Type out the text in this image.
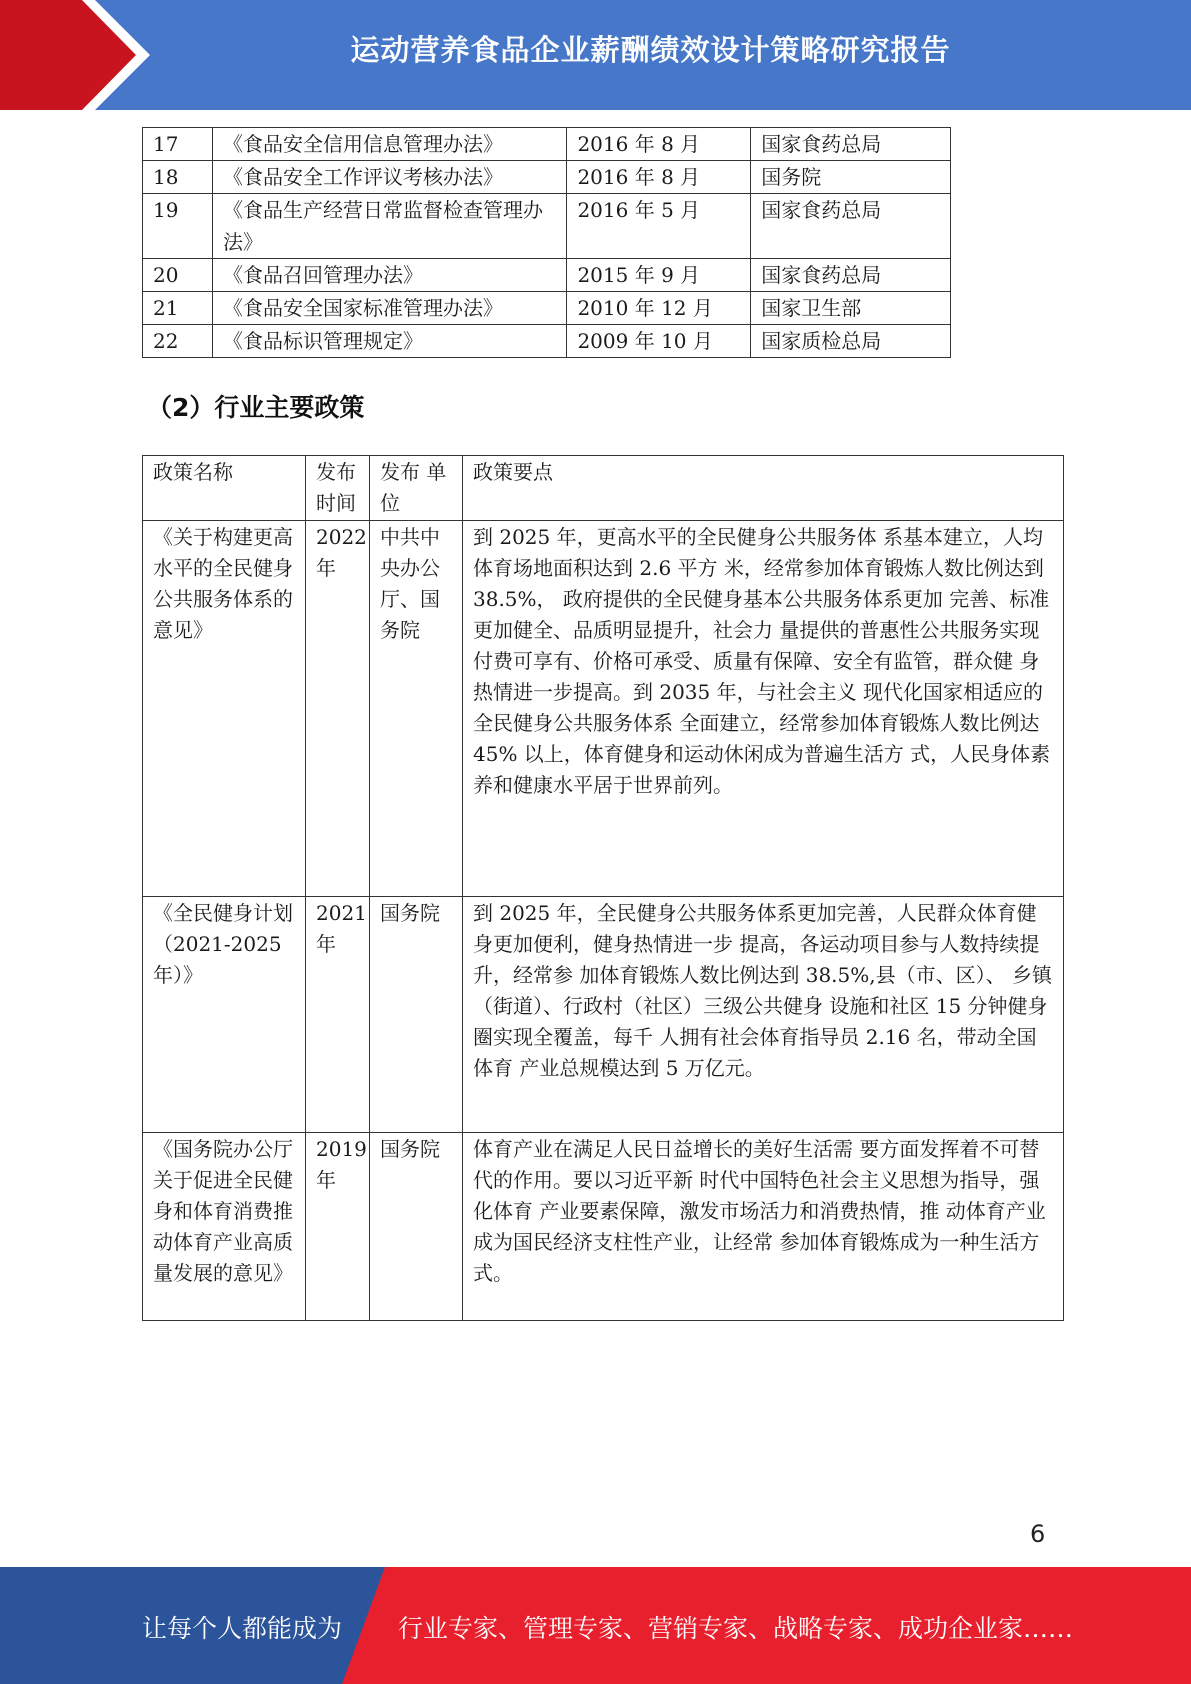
运动营养食品企业薪酬绩效设计策略研究报告
17	《食品安全信用信息管理办法》	2016 年 8 月	国家食药总局
18	《食品安全工作评议考核办法》	2016 年 8 月	国务院
19	《食品生产经营日常监督检查管理办法》	2016 年 5 月	国家食药总局
20	《食品召回管理办法》	2015 年 9 月	国家食药总局
21	《食品安全国家标准管理办法》	2010 年 12 月	国家卫生部
22	《食品标识管理规定》	2009 年 10 月	国家质检总局
（2）行业主要政策
政策名称	发布时间	发布 单位	政策要点
《关于构建更高水平的全民健身公共服务体系的意见》	2022 年	中共中央办公厅、国务院	到 2025 年，更高水平的全民健身公共服务体 系基本建立，人均体育场地面积达到 2.6 平方 米，经常参加体育锻炼人数比例达到 38.5%， 政府提供的全民健身基本公共服务体系更加 完善、标准更加健全、品质明显提升，社会力 量提供的普惠性公共服务实现付费可享有、价格可承受、质量有保障、安全有监管，群众健 身热情进一步提高。到 2035 年，与社会主义 现代化国家相适应的全民健身公共服务体系 全面建立，经常参加体育锻炼人数比例达 45% 以上，体育健身和运动休闲成为普遍生活方 式，人民身体素养和健康水平居于世界前列。
《全民健身计划（2021-2025 年）》	2021 年	国务院	到 2025 年，全民健身公共服务体系更加完善，人民群众体育健身更加便利，健身热情进一步 提高，各运动项目参与人数持续提升，经常参 加体育锻炼人数比例达到 38.5%,县（市、区）、 乡镇（街道）、行政村（社区）三级公共健身 设施和社区 15 分钟健身圈实现全覆盖，每千 人拥有社会体育指导员 2.16 名，带动全国体育 产业总规模达到 5 万亿元。
《国务院办公厅关于促进全民健身和体育消费推动体育产业高质量发展的意见》	2019 年	国务院	体育产业在满足人民日益增长的美好生活需 要方面发挥着不可替代的作用。要以习近平新 时代中国特色社会主义思想为指导，强化体育 产业要素保障，激发市场活力和消费热情，推 动体育产业成为国民经济支柱性产业，让经常 参加体育锻炼成为一种生活方式。
6
让每个人都能成为 行业专家、管理专家、营销专家、战略专家、成功企业家……
